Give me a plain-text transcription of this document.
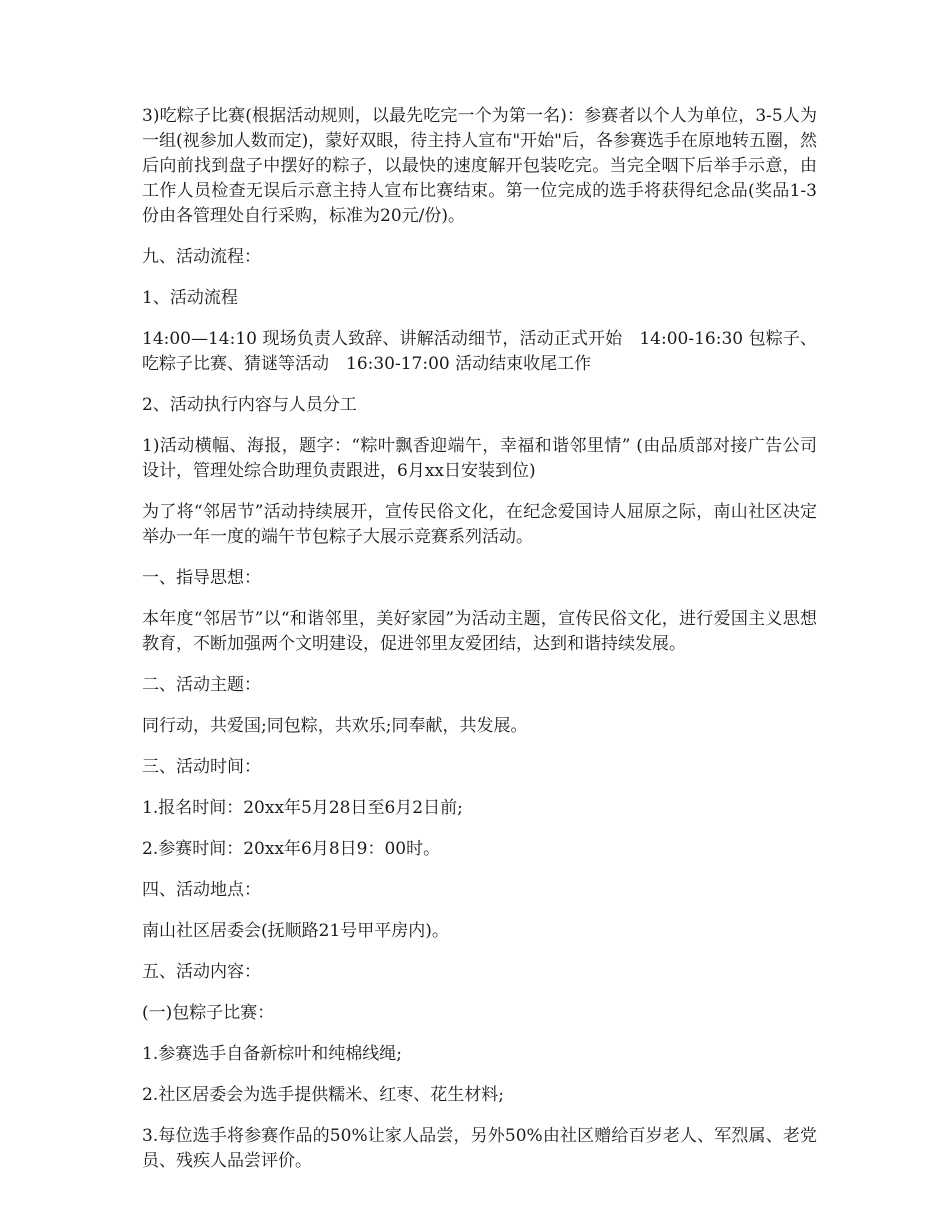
3)吃粽子比赛(根据活动规则，以最先吃完一个为第一名)：参赛者以个人为单位，3-5人为一组(视参加人数而定)，蒙好双眼，待主持人宣布"开始"后，各参赛选手在原地转五圈，然后向前找到盘子中摆好的粽子，以最快的速度解开包装吃完。当完全咽下后举手示意，由工作人员检查无误后示意主持人宣布比赛结束。第一位完成的选手将获得纪念品(奖品1-3份由各管理处自行采购，标准为20元/份)。

九、活动流程：

1、活动流程

14:00—14:10 现场负责人致辞、讲解活动细节，活动正式开始　14:00-16:30 包粽子、吃粽子比赛、猜谜等活动　16:30-17:00 活动结束收尾工作

2、活动执行内容与人员分工

1)活动横幅、海报，题字：“粽叶飘香迎端午，幸福和谐邻里情” (由品质部对接广告公司设计，管理处综合助理负责跟进，6月xx日安装到位)

为了将“邻居节”活动持续展开，宣传民俗文化，在纪念爱国诗人屈原之际，南山社区决定举办一年一度的端午节包粽子大展示竞赛系列活动。

一、指导思想：

本年度“邻居节”以“和谐邻里，美好家园”为活动主题，宣传民俗文化，进行爱国主义思想教育，不断加强两个文明建设，促进邻里友爱团结，达到和谐持续发展。

二、活动主题：

同行动，共爱国;同包粽，共欢乐;同奉献，共发展。

三、活动时间：

1.报名时间：20xx年5月28日至6月2日前;

2.参赛时间：20xx年6月8日9：00时。

四、活动地点：

南山社区居委会(抚顺路21号甲平房内)。

五、活动内容：

(一)包粽子比赛：

1.参赛选手自备新棕叶和纯棉线绳;

2.社区居委会为选手提供糯米、红枣、花生材料;

3.每位选手将参赛作品的50%让家人品尝，另外50%由社区赠给百岁老人、军烈属、老党员、残疾人品尝评价。
